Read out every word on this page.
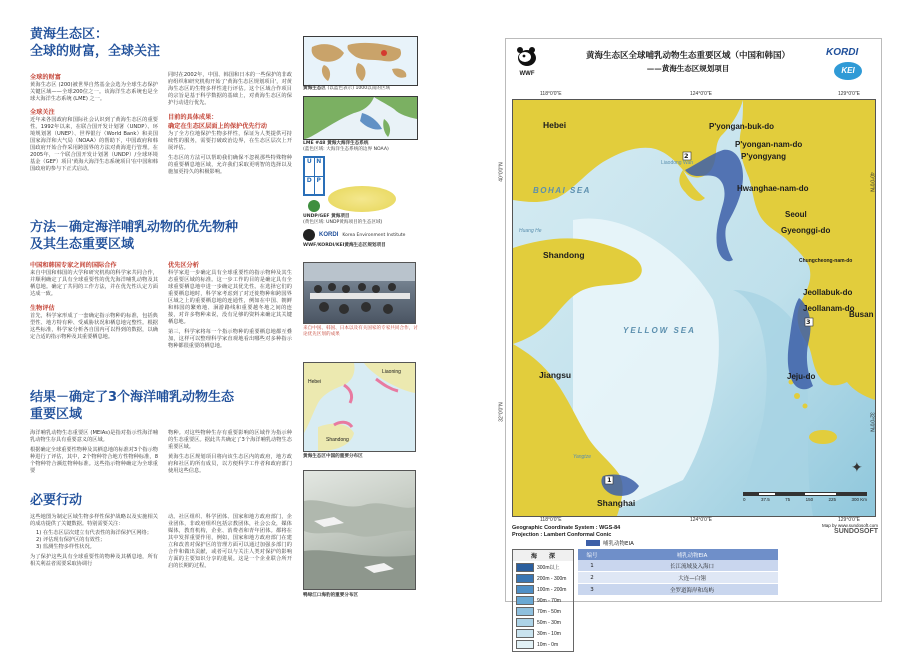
黄海生态区：
全球的财富，全球关注
全球的财富
黄海生态区 (200)被世界自然基金会选为全球生态保护关键区域——全球200位之一。该海洋生态系统也是全球大海洋生态系统 (LME) 之一。
全球关注
近年来各国政府和国际社会认识到了黄海生态区的重要性。1992年以来，在联合国开发计划署（UNDP）、环境规划署（UNEP）、世界银行（World Bank）和美国国家海洋和大气局（NOAA）的帮助下，中国政府和韩国政府开始合作采用跨国界的方法对黄海进行管理。在2005年，一个联合国开发计划署（UNDP）/全球环境基金（GEF）项目'黄海大海洋生态系统项目'在中国和韩国政府的参与下正式启动。
同时在2002年，中国、韩国和日本的一些保护的非政府组织和研究机构开始了'黄海生态区规划项目'，对黄海生态区的生物多样性进行评估。这个区域合作项目的宗旨是基于科学数据的基础上，对黄海生态区的保护行动进行优先。
目前的具体成果：
确定在生态区层面上的保护优先行动
为了全方位地保护生物多样性，保证为人类提供可持续性的服务，需要打破政治边界，在生态区层次上开展评估。
生态区的方法可以帮助我们确保不忽视那些特殊物种的重要栖息地区域，允许我们采取更明智的选择以及施加更持久的积极影响。
方法－确定海洋哺乳动物的优先物种
及其生态重要区域
中国和韩国专家之间的国际合作
来自中国和韩国的大学和研究机构的科学家共同合作，并顺利确定了具有全球重要性的优先海洋哺乳动物及其栖息地。确定了共同的工作方法，并在优先性认定方面达成一致。
生物评估
首先，科学家形成了一套确定指示物种的标准，包括典型性、地方特有种、受威胁状况和栖息地完整性。根据这些标准，科学家分析各自国内可以得到的数据，以确定合适的指示物种及其重要栖息地。
优先区分析
科学家进一步确定具有全球重要性的指示物种及其生态重要区域的标准。这一步工作的目的是确定具有全球重要栖息地中进一步确定其优先性。在选择它们的重要栖息地时，科学家考虑到了对迁徙物种和跨国界区域之上的重要栖息地的连通性，例如在中国、朝鲜和韩国的繁殖地、洄游路线和重要越冬地之间的连接，对许多物种来说，没有足够的资料来确定其关键栖息地。
第三，科学家将每一个指示物种的重要栖息地都互叠加，这样可以整理科学家直观地看出哪些对多种指示物种都很重要的栖息地。
结果－确定了3个海洋哺乳动物生态
重要区域
海洋哺乳动物生态重要区 (MEIAs)是指对指示性海洋哺乳动物生存具有重要意义的区域。
根据确定全球重要性物种及其栖息地的标准对3个指示物种进行了评估，其中，2个物种符合地方性物种标准，8个物种符合濒危物种标准。这些指示物种确定为全球重要
物种。对这些物种生存有重要影响的区域作为指示种的生态重要区。据此共共确定了3个海洋哺乳动物生态重要区域。
黄海生态区规划项目将向该生态区内的政府，地方政府和社区的所有成员，以方便科学工作者和政府部门使用这些信息。
必要行动
这些地图为制定区域生物多样性保护战略以及实施相关的成功提供了关键数据。特别需要关注：
1) 在生态区层次建立有代表性的海洋保护区网络；
2) 评估现有保护区的有效性；
3) 监测生物多样性状况。
为了保护这些具有全球重要性的物种及其栖息地，所有相关利益者需要采取协调行
动。社区组织、科学团体、国家和地方政府部门，企业团体，非政府组织包括宗教团体，社会公众，媒体媒体，教育机构，企业、消费者和青年团体。都将在其中发挥重要作用，例如，国家和地方政府部门在建立和改善对保护区的管理方面可以通过加强多部门的合作和做出贡献，或者可以与关注人类对保护的影响方面的主要知识分享的进展。这是一个企业联合所开启的长期的过程。
黄海生态区 (以蓝色表示) 1000以南的区域
LME #48 黄海大海洋生态系统
(蓝色区域: 大海洋生态系统的边界 NOAA)
U N
D P
UNDP/GEF 黄海项目
(黄色区域: UNDP黄海项目的生态区域)
KORDI Korea Environment Institute
WWF/KORDI/KEI黄海生态区规划项目
来自中国、韩国、日本以及有关国家的专家共同合作，讨论优先区划的成果
Hebei
Liaoning
Shandong
黄海生态区中国的重要分布区
鸭绿江口海豹的重要分布区
WWF
黄海生态区全球哺乳动物生态重要区域（中国和韩国）
——黄海生态区规划项目
KORDI
KEI
118°0'0"E	124°0'0"E	129°0'0"E
2
3
1
Hebei
BOHAI SEA
Liaodong Wan
Huang He
Shandong
YELLOW SEA
Jiangsu
Yangtze
Shanghai
P'yongan-buk-do
P'yongan-nam-do
P'yongyang
Hwanghae-nam-do
Seoul
Gyeonggi-do
Chungcheong-nam-do
Jeollabuk-do
Jeollanam-do
Busan
Jeju-do
0	37.5	75	150	225	300 Km
✦
40°0'0"N
32°0'0"N
40°0'0"N
32°0'0"N
118°0'0"E	124°0'0"E	129°0'0"E
Geographic Coordinate System : WGS-84
Projection : Lambert Conformal Conic
Map by www.sundosoft.com
SUNDOSOFT
哺乳动物EIA
海　　深
300m以上
200m - 300m
100m - 200m
90m - 70m
70m - 50m
50m - 30m
30m - 10m
10m - 0m
编号	哺乳动物EIA
1	长江流域及入海口
2	大连—白翎
3	全罗道海岸和岛屿
